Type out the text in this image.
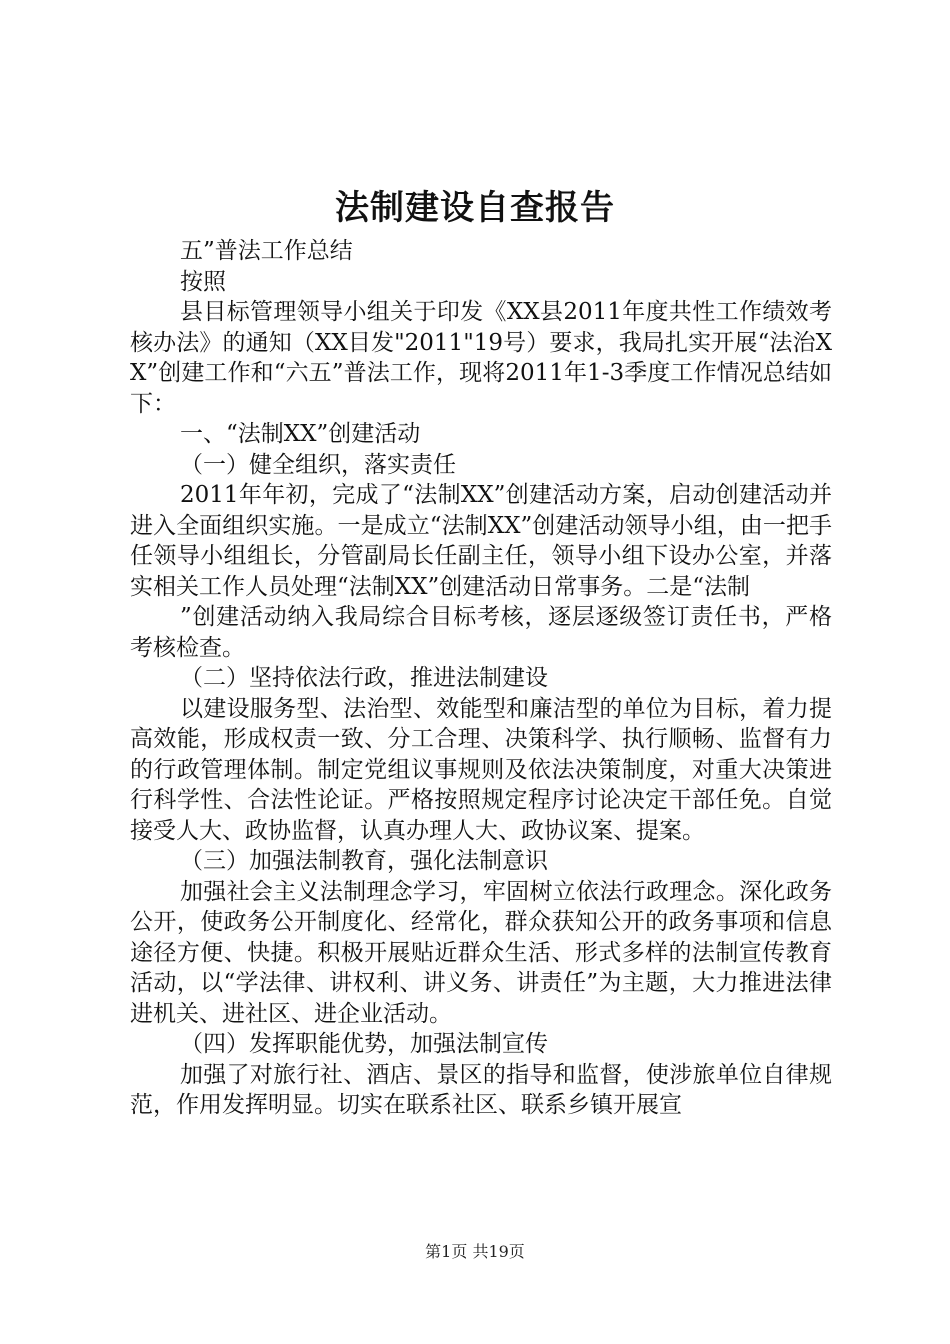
法制建设自查报告

五”普法工作总结

按照

县目标管理领导小组关于印发《XX县2011年度共性工作绩效考核办法》的通知（XX目发"2011"19号）要求，我局扎实开展“法治XX”创建工作和“六五”普法工作，现将2011年1-3季度工作情况总结如下：

一、“法制XX”创建活动

（一）健全组织，落实责任

2011年年初，完成了“法制XX”创建活动方案，启动创建活动并进入全面组织实施。一是成立“法制XX”创建活动领导小组，由一把手任领导小组组长，分管副局长任副主任，领导小组下设办公室，并落实相关工作人员处理“法制XX”创建活动日常事务。二是“法制

”创建活动纳入我局综合目标考核，逐层逐级签订责任书，严格考核检查。

（二）坚持依法行政，推进法制建设

以建设服务型、法治型、效能型和廉洁型的单位为目标，着力提高效能，形成权责一致、分工合理、决策科学、执行顺畅、监督有力的行政管理体制。制定党组议事规则及依法决策制度，对重大决策进行科学性、合法性论证。严格按照规定程序讨论决定干部任免。自觉接受人大、政协监督，认真办理人大、政协议案、提案。

（三）加强法制教育，强化法制意识

加强社会主义法制理念学习，牢固树立依法行政理念。深化政务公开，使政务公开制度化、经常化，群众获知公开的政务事项和信息途径方便、快捷。积极开展贴近群众生活、形式多样的法制宣传教育活动，以“学法律、讲权利、讲义务、讲责任”为主题，大力推进法律进机关、进社区、进企业活动。

（四）发挥职能优势，加强法制宣传

加强了对旅行社、酒店、景区的指导和监督，使涉旅单位自律规范，作用发挥明显。切实在联系社区、联系乡镇开展宣

第1页 共19页
